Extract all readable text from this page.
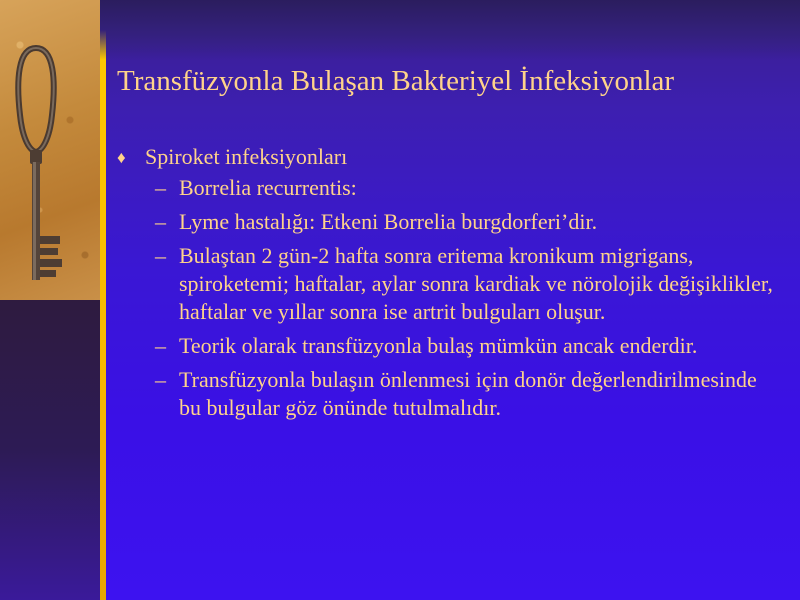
Transfüzyonla Bulaşan Bakteriyel İnfeksiyonlar
♦ Spiroket infeksiyonları
– Borrelia recurrentis:
– Lyme hastalığı: Etkeni Borrelia burgdorferi’dir.
– Bulaştan 2 gün-2 hafta sonra eritema kronikum migrigans, spiroketemi; haftalar, aylar sonra kardiak ve nörolojik değişiklikler, haftalar ve yıllar sonra ise artrit bulguları oluşur.
– Teorik olarak transfüzyonla bulaş mümkün ancak enderdir.
– Transfüzyonla bulaşın önlenmesi için donör değerlendirilmesinde bu bulgular göz önünde tutulmalıdır.
